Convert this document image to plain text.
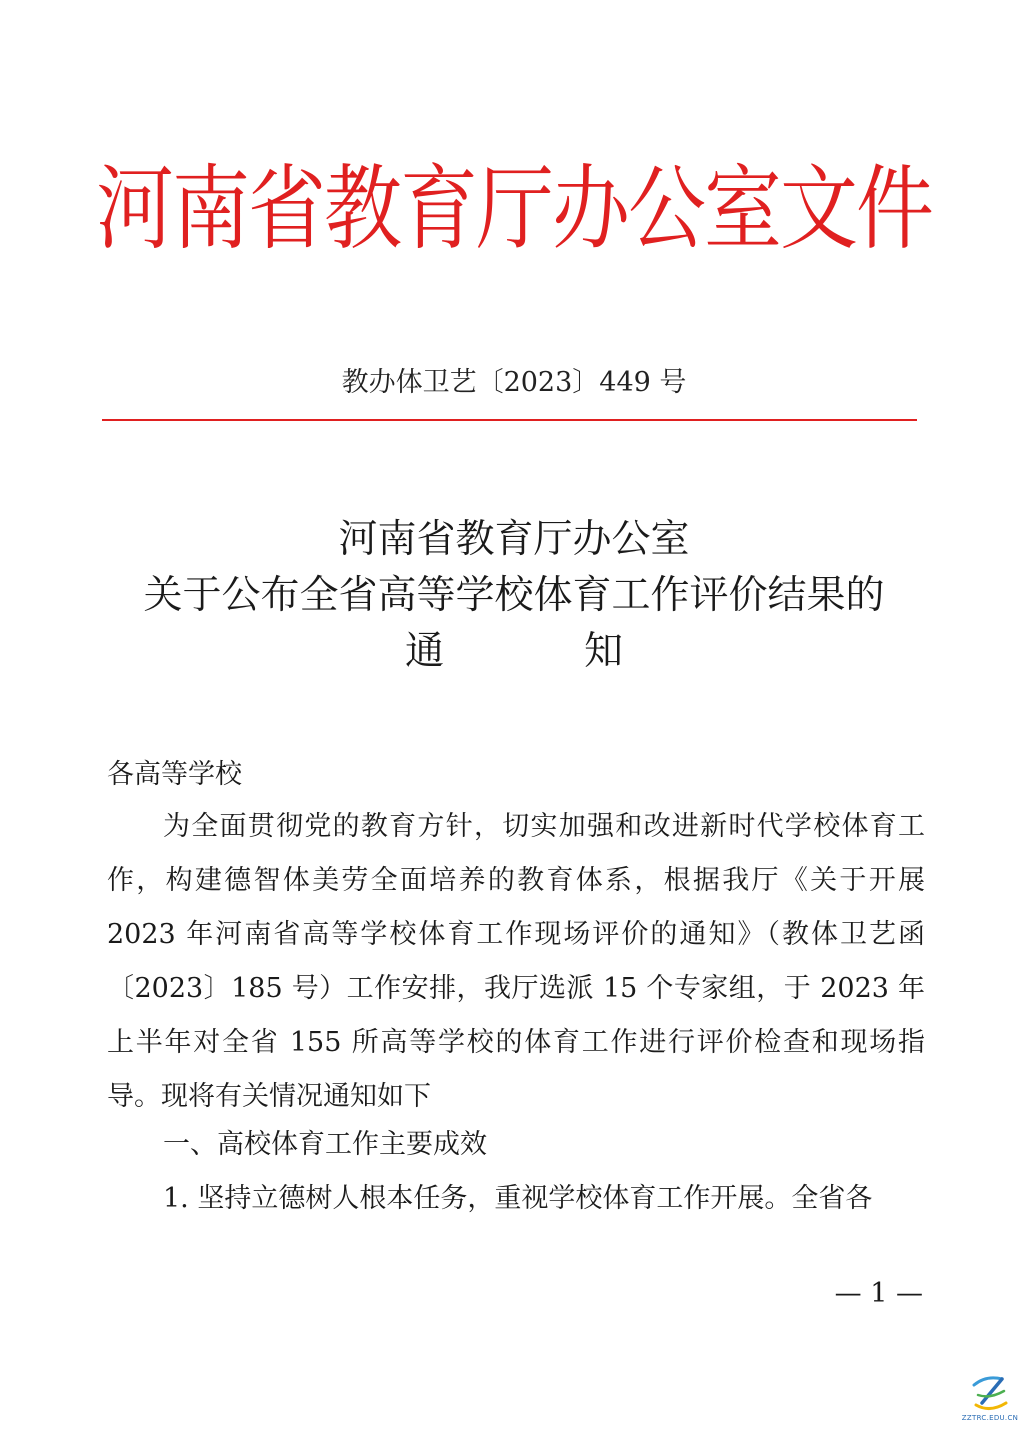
河南省教育厅办公室文件
教办体卫艺〔2023〕449 号
河南省教育厅办公室
关于公布全省高等学校体育工作评价结果的
通	知
各高等学校
为全面贯彻党的教育方针，切实加强和改进新时代学校体育工作，构建德智体美劳全面培养的教育体系，根据我厅《关于开展 2023 年河南省高等学校体育工作现场评价的通知》（教体卫艺函〔2023〕185 号）工作安排，我厅选派 15 个专家组，于 2023 年上半年对全省 155 所高等学校的体育工作进行评价检查和现场指导。现将有关情况通知如下
一、高校体育工作主要成效
1. 坚持立德树人根本任务，重视学校体育工作开展。全省各
— 1 —
ZZTRC.EDU.CN
